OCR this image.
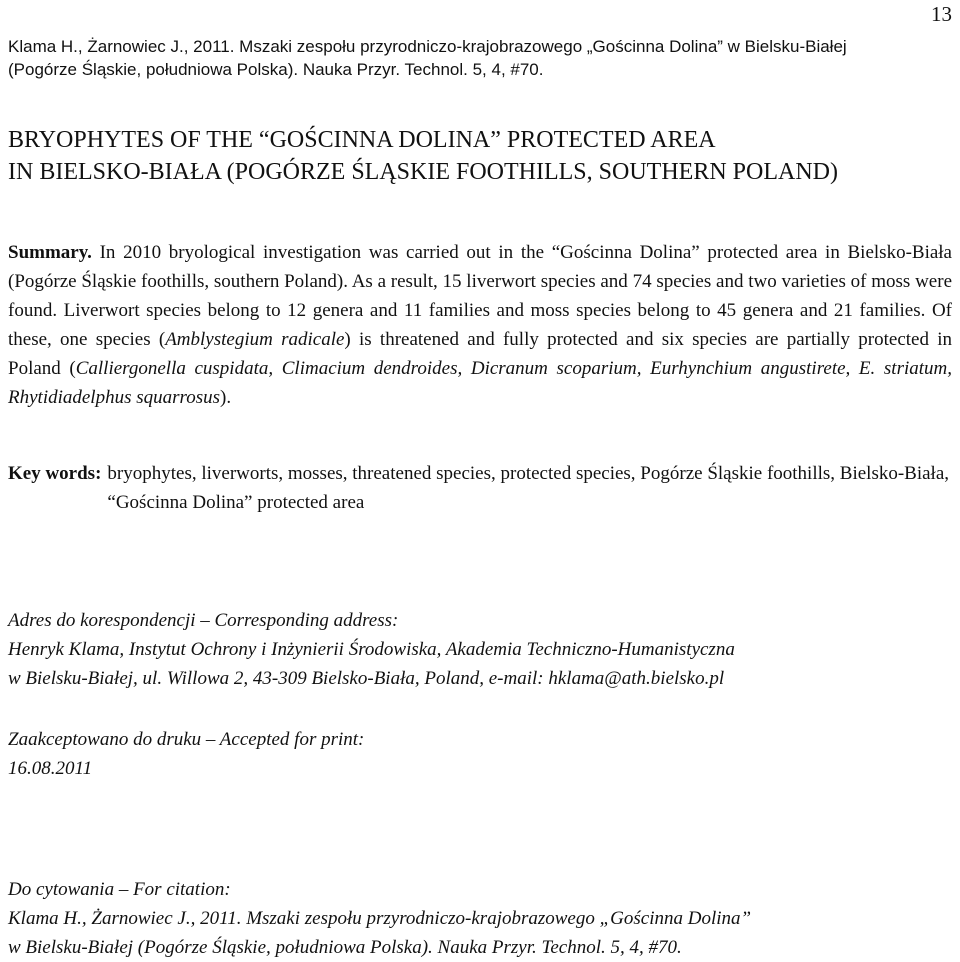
13
Klama H., Żarnowiec J., 2011. Mszaki zespołu przyrodniczo-krajobrazowego „Gościnna Dolina” w Bielsku-Białej
(Pogórze Śląskie, południowa Polska). Nauka Przyr. Technol. 5, 4, #70.
BRYOPHYTES OF THE “GOŚCINNA DOLINA” PROTECTED AREA
IN BIELSKO-BIAŁA (POGÓRZE ŚLĄSKIE FOOTHILLS, SOUTHERN POLAND)

Summary. In 2010 bryological investigation was carried out in the “Gościnna Dolina” protected area in Bielsko-Biała (Pogórze Śląskie foothills, southern Poland). As a result, 15 liverwort species and 74 species and two varieties of moss were found. Liverwort species belong to 12 genera and 11 families and moss species belong to 45 genera and 21 families. Of these, one species (Amblystegium radicale) is threatened and fully protected and six species are partially protected in Poland (Calliergonella cuspidata, Climacium dendroides, Dicranum scoparium, Eurhynchium angustirete, E. striatum, Rhytidiadelphus squarrosus).

Key words: bryophytes, liverworts, mosses, threatened species, protected species, Pogórze Śląskie foothills, Bielsko-Biała, “Gościnna Dolina” protected area
Adres do korespondencji – Corresponding address:
Henryk Klama, Instytut Ochrony i Inżynierii Środowiska, Akademia Techniczno-Humanistyczna
w Bielsku-Białej, ul. Willowa 2, 43-309 Bielsko-Biała, Poland, e-mail: hklama@ath.bielsko.pl
Zaakceptowano do druku – Accepted for print:
16.08.2011
Do cytowania – For citation:
Klama H., Żarnowiec J., 2011. Mszaki zespołu przyrodniczo-krajobrazowego „Gościnna Dolina”
w Bielsku-Białej (Pogórze Śląskie, południowa Polska). Nauka Przyr. Technol. 5, 4, #70.
